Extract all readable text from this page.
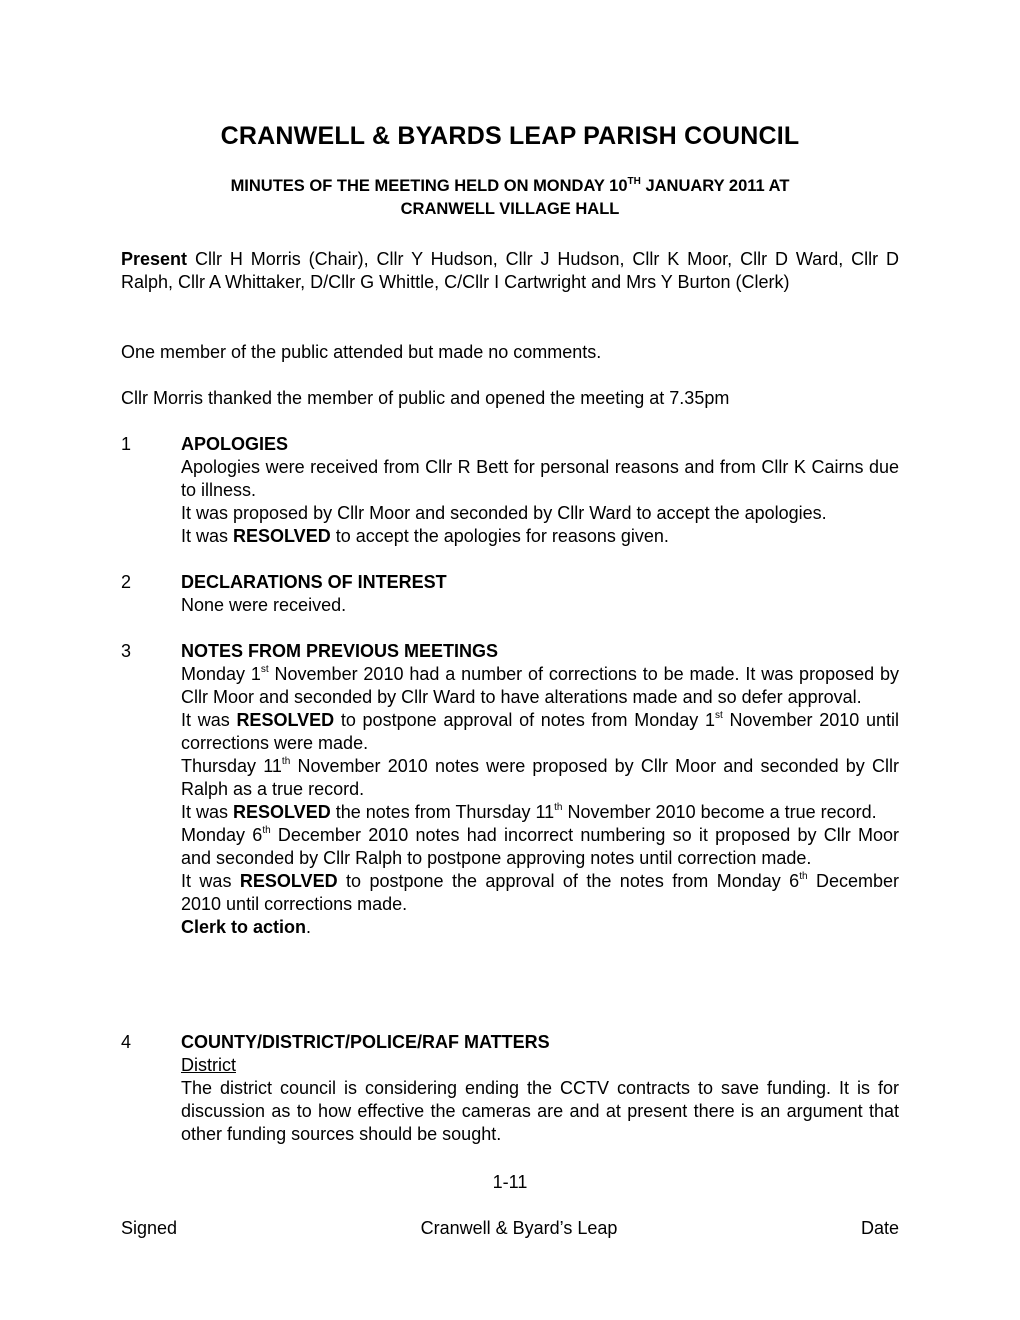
CRANWELL & BYARDS LEAP PARISH COUNCIL
MINUTES OF THE MEETING HELD ON MONDAY 10TH JANUARY 2011 AT
CRANWELL VILLAGE HALL
Present Cllr H Morris (Chair), Cllr Y Hudson, Cllr J Hudson, Cllr K Moor, Cllr D Ward, Cllr D Ralph, Cllr A Whittaker, D/Cllr G Whittle, C/Cllr I Cartwright and Mrs Y Burton (Clerk)
One member of the public attended but made no comments.
Cllr Morris thanked the member of public and opened the meeting at 7.35pm
1	APOLOGIES

Apologies were received from Cllr R Bett for personal reasons and from Cllr K Cairns due to illness.

It was proposed by Cllr Moor and seconded by Cllr Ward to accept the apologies.

It was RESOLVED to accept the apologies for reasons given.

2	DECLARATIONS OF INTEREST

None were received.

3	NOTES FROM PREVIOUS MEETINGS

Monday 1st November 2010 had a number of corrections to be made. It was proposed by Cllr Moor and seconded by Cllr Ward to have alterations made and so defer approval.

It was RESOLVED to postpone approval of notes from Monday 1st November 2010 until corrections were made.

Thursday 11th November 2010 notes were proposed by Cllr Moor and seconded by Cllr Ralph as a true record.

It was RESOLVED the notes from Thursday 11th November 2010 become a true record.

Monday 6th December 2010 notes had incorrect numbering so it proposed by Cllr Moor and seconded by Cllr Ralph to postpone approving notes until correction made.

It was RESOLVED to postpone the approval of the notes from Monday 6th December 2010 until corrections made.

Clerk to action.

4	COUNTY/DISTRICT/POLICE/RAF MATTERS

District

The district council is considering ending the CCTV contracts to save funding. It is for discussion as to how effective the cameras are and at present there is an argument that other funding sources should be sought.

1-11
Signed	Cranwell & Byard’s Leap	Date
